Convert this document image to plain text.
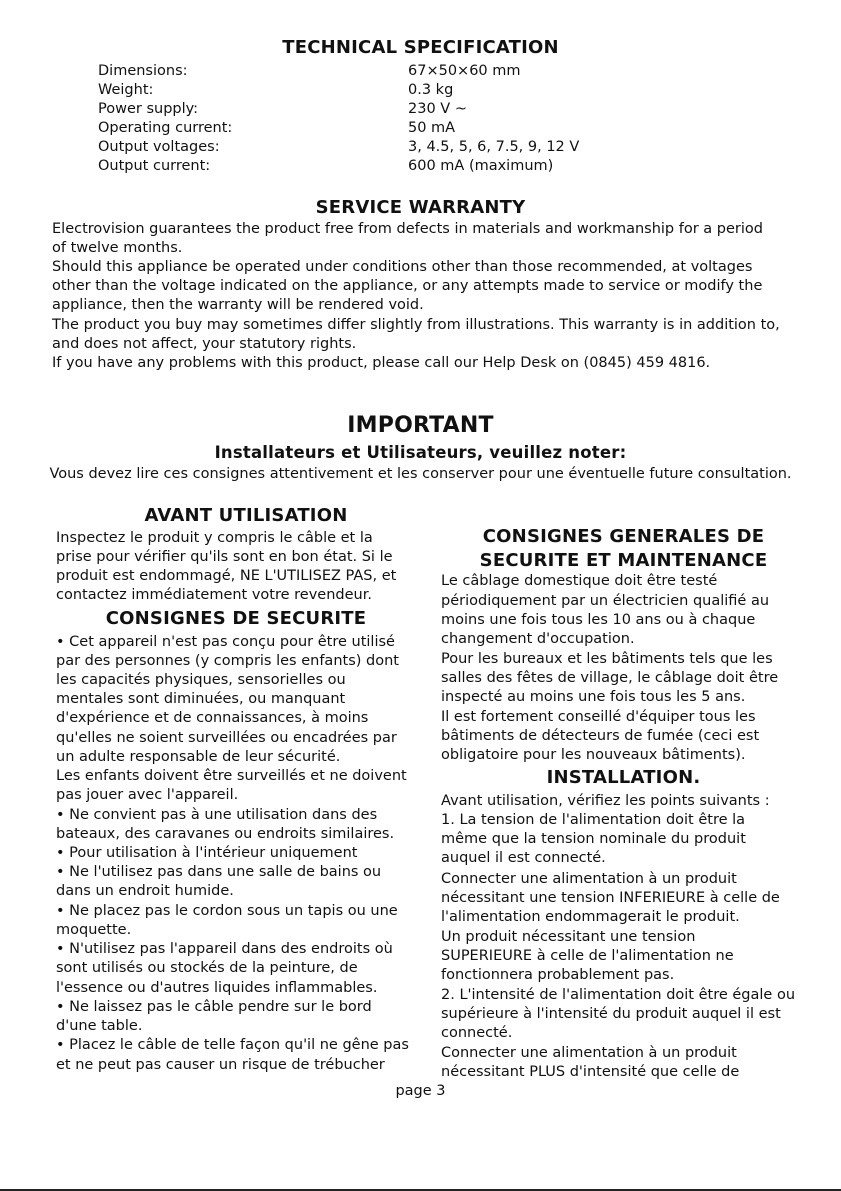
TECHNICAL SPECIFICATION
Dimensions:	67×50×60 mm
Weight:	0.3 kg
Power supply:	230 V ~
Operating current:	50 mA
Output voltages:	3, 4.5, 5, 6, 7.5, 9, 12 V
Output current:	600 mA (maximum)
SERVICE WARRANTY
Electrovision guarantees the product free from defects in materials and workmanship for a period
of twelve months.
Should this appliance be operated under conditions other than those recommended, at voltages
other than the voltage indicated on the appliance, or any attempts made to service or modify the
appliance, then the warranty will be rendered void.
The product you buy may sometimes differ slightly from illustrations. This warranty is in addition to,
and does not affect, your statutory rights.
If you have any problems with this product, please call our Help Desk on (0845) 459 4816.
IMPORTANT
Installateurs et Utilisateurs, veuillez noter:
Vous devez lire ces consignes attentivement et les conserver pour une éventuelle future consultation.
AVANT UTILISATION
Inspectez le produit y compris le câble et la
prise pour vérifier qu'ils sont en bon état. Si le
produit est endommagé, NE L'UTILISEZ PAS, et
contactez immédiatement votre revendeur.
CONSIGNES DE SECURITE
• Cet appareil n'est pas conçu pour être utilisé
par des personnes (y compris les enfants) dont
les capacités physiques, sensorielles ou
mentales sont diminuées, ou manquant
d'expérience et de connaissances, à moins
qu'elles ne soient surveillées ou encadrées par
un adulte responsable de leur sécurité.
Les enfants doivent être surveillés et ne doivent
pas jouer avec l'appareil.
• Ne convient pas à une utilisation dans des
bateaux, des caravanes ou endroits similaires.
• Pour utilisation à l'intérieur uniquement
• Ne l'utilisez pas dans une salle de bains ou
dans un endroit humide.
• Ne placez pas le cordon sous un tapis ou une
moquette.
• N'utilisez pas l'appareil dans des endroits où
sont utilisés ou stockés de la peinture, de
l'essence ou d'autres liquides inflammables.
• Ne laissez pas le câble pendre sur le bord
d'une table.
• Placez le câble de telle façon qu'il ne gêne pas
et ne peut pas causer un risque de trébucher
CONSIGNES GENERALES DE
SECURITE ET MAINTENANCE
Le câblage domestique doit être testé
périodiquement par un électricien qualifié au
moins une fois tous les 10 ans ou à chaque
changement d'occupation.
Pour les bureaux et les bâtiments tels que les
salles des fêtes de village, le câblage doit être
inspecté au moins une fois tous les 5 ans.
Il est fortement conseillé d'équiper tous les
bâtiments de détecteurs de fumée (ceci est
obligatoire pour les nouveaux bâtiments).
INSTALLATION.
Avant utilisation, vérifiez les points suivants :
1. La tension de l'alimentation doit être la
même que la tension nominale du produit
auquel il est connecté.
Connecter une alimentation à un produit
nécessitant une tension INFERIEURE à celle de
l'alimentation endommagerait le produit.
Un produit nécessitant une tension
SUPERIEURE à celle de l'alimentation ne
fonctionnera probablement pas.
2. L'intensité de l'alimentation doit être égale ou
supérieure à l'intensité du produit auquel il est
connecté.
Connecter une alimentation à un produit
nécessitant PLUS d'intensité que celle de
page 3
